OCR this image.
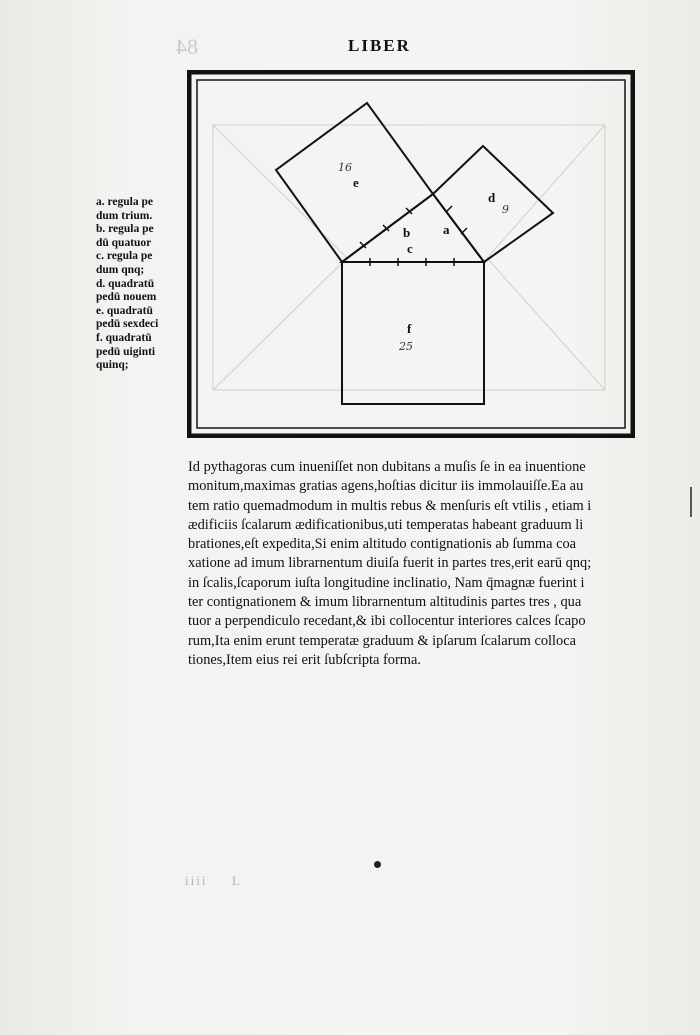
84	LIBER
e
d
b	a
c
f
16
9
25
a. regula pe
dum trium.
b. regula pe
dū quatuor
c. regula pe
dum qnq;
d. quadratū
pedū nouem
e. quadratū
pedū sexdeci
f. quadratū
pedū uiginti
quinq;
Id pythagoras cum inueniſſet non dubitans a muſis ſe in ea inuentione
monitum,maximas gratias agens,hoſtias dicitur iis immolauiſſe.Ea au
tem ratio quemadmodum in multis rebus & menſuris eſt vtilis , etiam i
ædificiis ſcalarum ædificationibus,uti temperatas habeant graduum li
brationes,eſt expedita,Si enim altitudo contignationis ab ſumma coa
xatione ad imum librarnentum diuiſa fuerit in partes tres,erit earū qnq;
in ſcalis,ſcaporum iuſta longitudine inclinatio, Nam q̄magnæ fuerint i
ter contignationem & imum librarnentum altitudinis partes tres , qua
tuor a perpendiculo recedant,& ibi collocentur interiores calces ſcapo
rum,Ita enim erunt temperatæ graduum & ipſarum ſcalarum colloca
tiones,Item eius rei erit ſubſcripta forma.
iiii L
